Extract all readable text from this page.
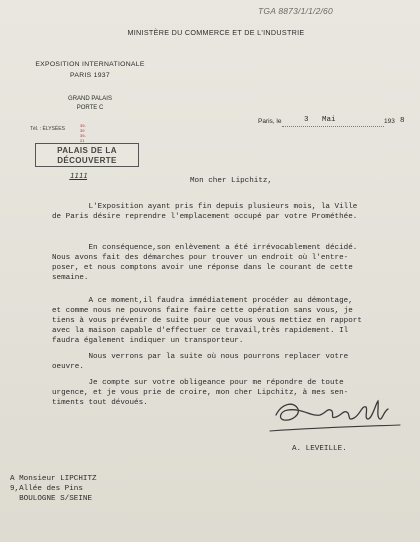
TGA 8873/1/1/2/60
MINISTÈRE DU COMMERCE ET DE L'INDUSTRIE
EXPOSITION INTERNATIONALE
PARIS 1937
GRAND PALAIS
PORTE C
Tél. : ÉLYSÉES
39-39
39-21
PALAIS DE LA
DÉCOUVERTE
1111
Paris, le	3 Mai	193 8
Mon cher Lipchitz,
L'Exposition ayant pris fin depuis plusieurs mois, la Ville
de Paris désire reprendre l'emplacement occupé par votre Prométhée.
En conséquence,son enlèvement a été irrévocablement décidé.
Nous avons fait des démarches pour trouver un endroit où l'entre-
poser, et nous comptons avoir une réponse dans le courant de cette
semaine.
A ce moment,il faudra immédiatement procéder au démontage,
et comme nous ne pouvons faire faire cette opération sans vous, je
tiens à vous prévenir de suite pour que vous vous mettiez en rapport
avec la maison capable d'effectuer ce travail,très rapidement. Il
faudra également indiquer un transporteur.
Nous verrons par la suite où nous pourrons replacer votre
oeuvre.
Je compte sur votre obligeance pour me répondre de toute
urgence, et je vous prie de croire, mon cher Lipchitz, à mes sen-
timents tout dévoués.
A. LEVEILLE.
A Monsieur LIPCHITZ
9,Allée des Pins
BOULOGNE S/SEINE
